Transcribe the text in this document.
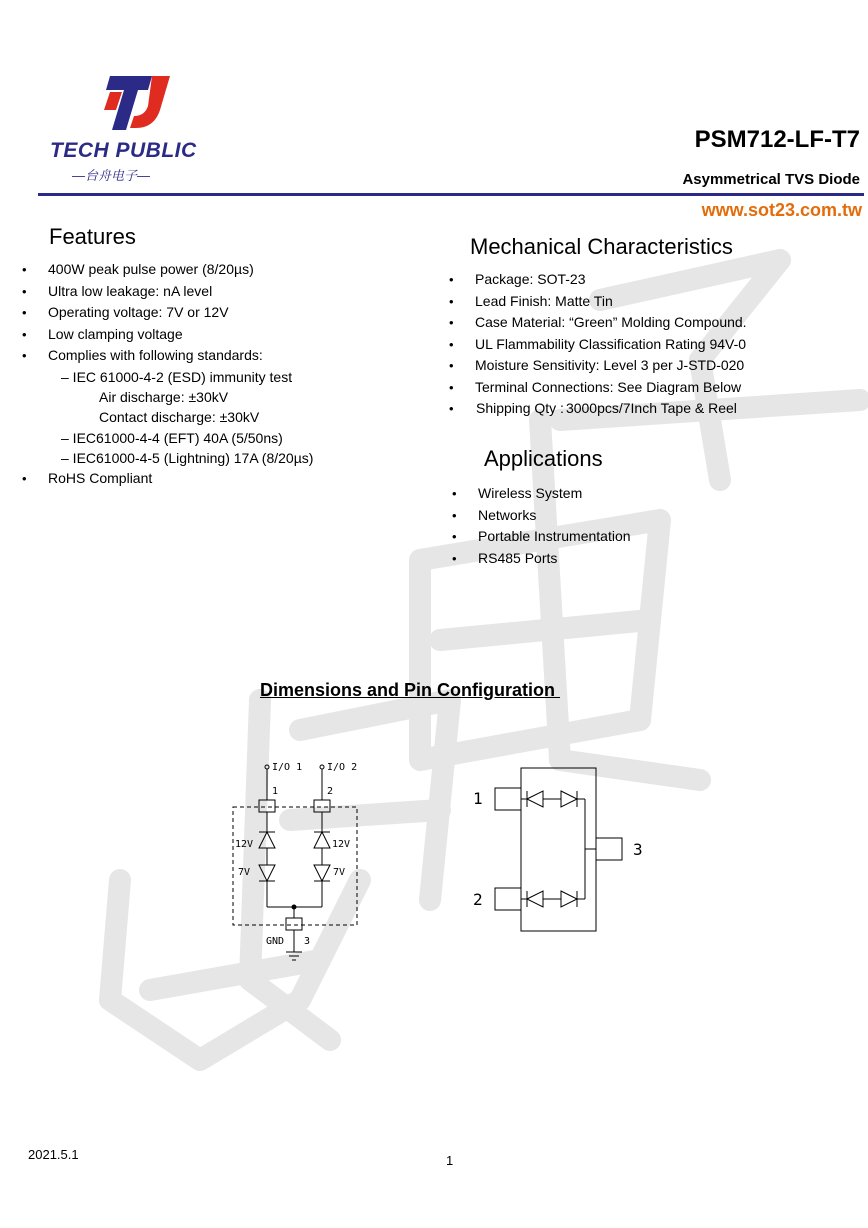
TECH PUBLIC
—台舟电子—
PSM712-LF-T7
Asymmetrical TVS Diode
www.sot23.com.tw
Features
• 400W peak pulse power (8/20µs)
• Ultra low leakage: nA level
• Operating voltage: 7V or 12V
• Low clamping voltage
• Complies with following standards:
– IEC 61000-4-2 (ESD) immunity test
Air discharge: ±30kV
Contact discharge: ±30kV
– IEC61000-4-4 (EFT) 40A (5/50ns)
– IEC61000-4-5 (Lightning) 17A (8/20µs)
• RoHS Compliant
Mechanical Characteristics
• Package: SOT-23
• Lead Finish: Matte Tin
• Case Material: “Green” Molding Compound.
• UL Flammability Classification Rating 94V-0
• Moisture Sensitivity: Level 3 per J-STD-020
• Terminal Connections: See Diagram Below
• Shipping Qty : 3000pcs/7Inch Tape & Reel
Applications
• Wireless System
• Networks
• Portable Instrumentation
• RS485 Ports
Dimensions and Pin Configuration
I/O 1 I/O 2
1	2
12V	12V
7V	7V
GND 3
1
2
3
2021.5.1	1
